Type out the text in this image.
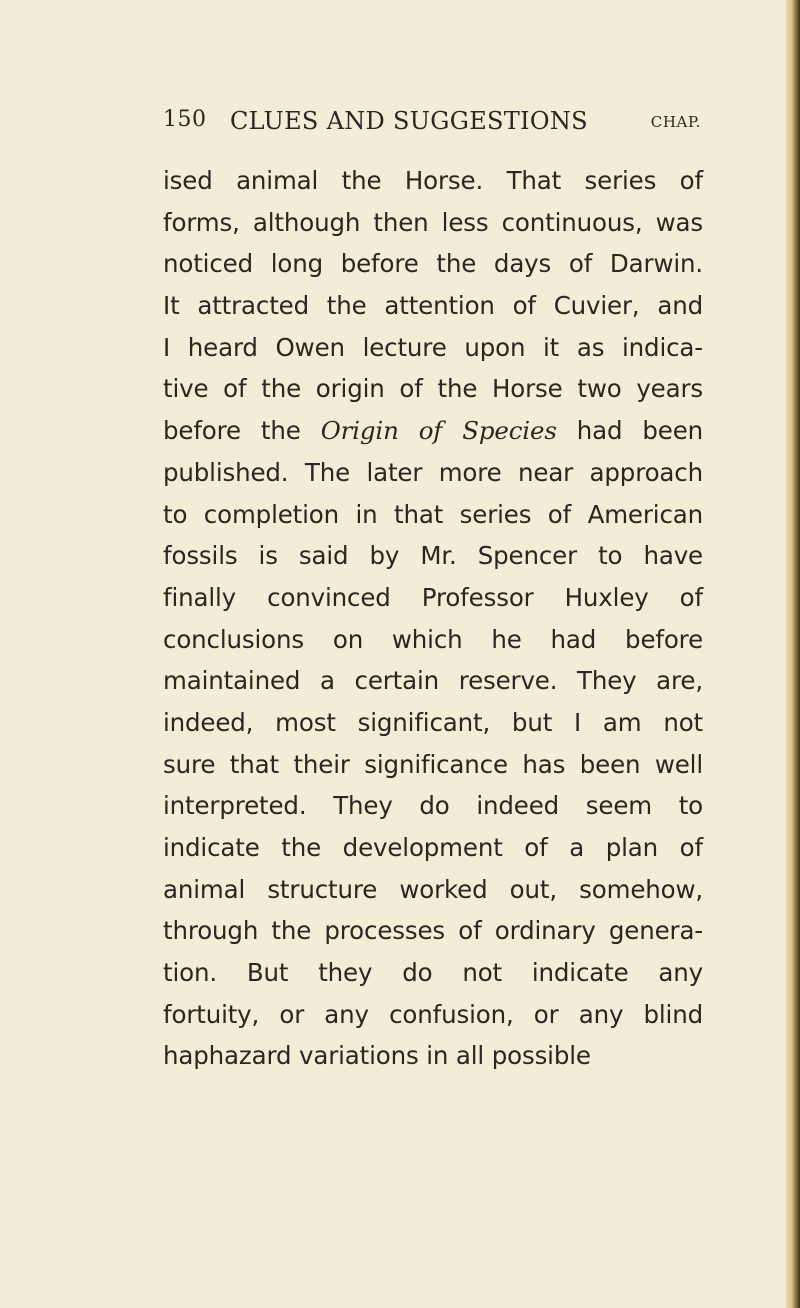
150 CLUES AND SUGGESTIONS	CHAP.
ised animal the Horse. That series of
forms, although then less continuous, was
noticed long before the days of Darwin.
It attracted the attention of Cuvier, and
I heard Owen lecture upon it as indica-
tive of the origin of the Horse two years
before the Origin of Species had been
published. The later more near approach
to completion in that series of American
fossils is said by Mr. Spencer to have
finally convinced Professor Huxley of
conclusions on which he had before
maintained a certain reserve. They are,
indeed, most significant, but I am not
sure that their significance has been well
interpreted. They do indeed seem to
indicate the development of a plan of
animal structure worked out, somehow,
through the processes of ordinary genera-
tion. But they do not indicate any
fortuity, or any confusion, or any blind
haphazard variations in all possible
